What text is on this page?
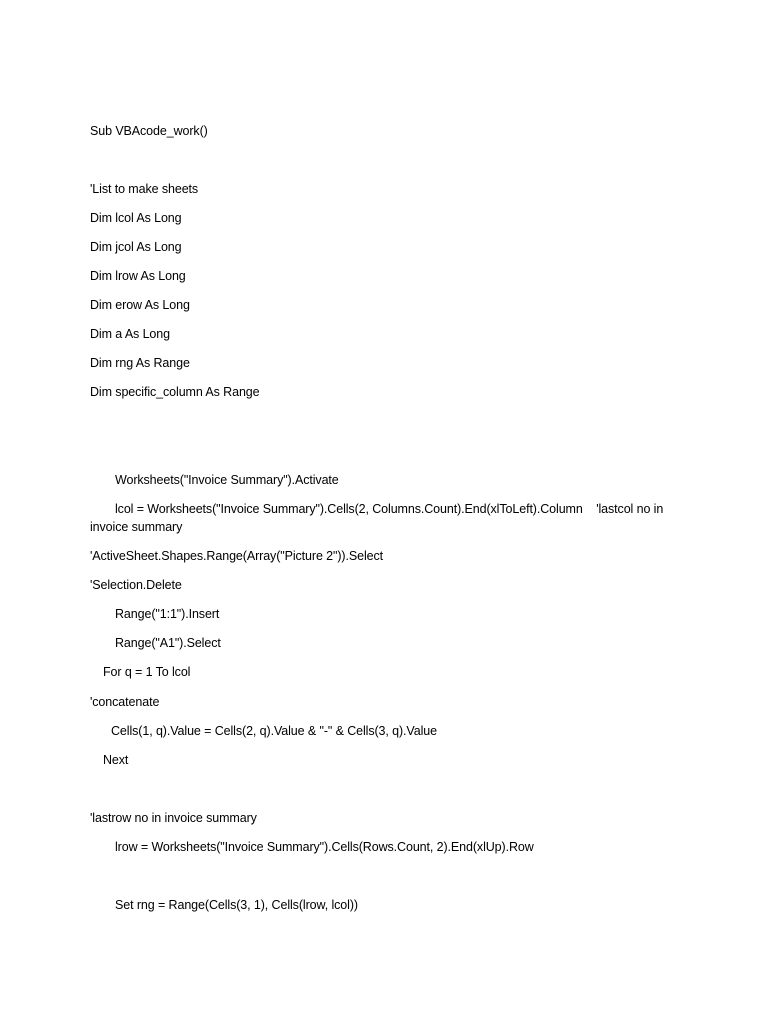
Sub VBAcode_work()
'List to make sheets
Dim lcol As Long
Dim jcol As Long
Dim lrow As Long
Dim erow As Long
Dim a As Long
Dim rng As Range
Dim specific_column As Range
Worksheets("Invoice Summary").Activate
lcol = Worksheets("Invoice Summary").Cells(2, Columns.Count).End(xlToLeft).Column    'lastcol no in
invoice summary
'ActiveSheet.Shapes.Range(Array("Picture 2")).Select
'Selection.Delete
Range("1:1").Insert
Range("A1").Select
For q = 1 To lcol
'concatenate
Cells(1, q).Value = Cells(2, q).Value & "-" & Cells(3, q).Value
Next
'lastrow no in invoice summary
lrow = Worksheets("Invoice Summary").Cells(Rows.Count, 2).End(xlUp).Row
Set rng = Range(Cells(3, 1), Cells(lrow, lcol))
